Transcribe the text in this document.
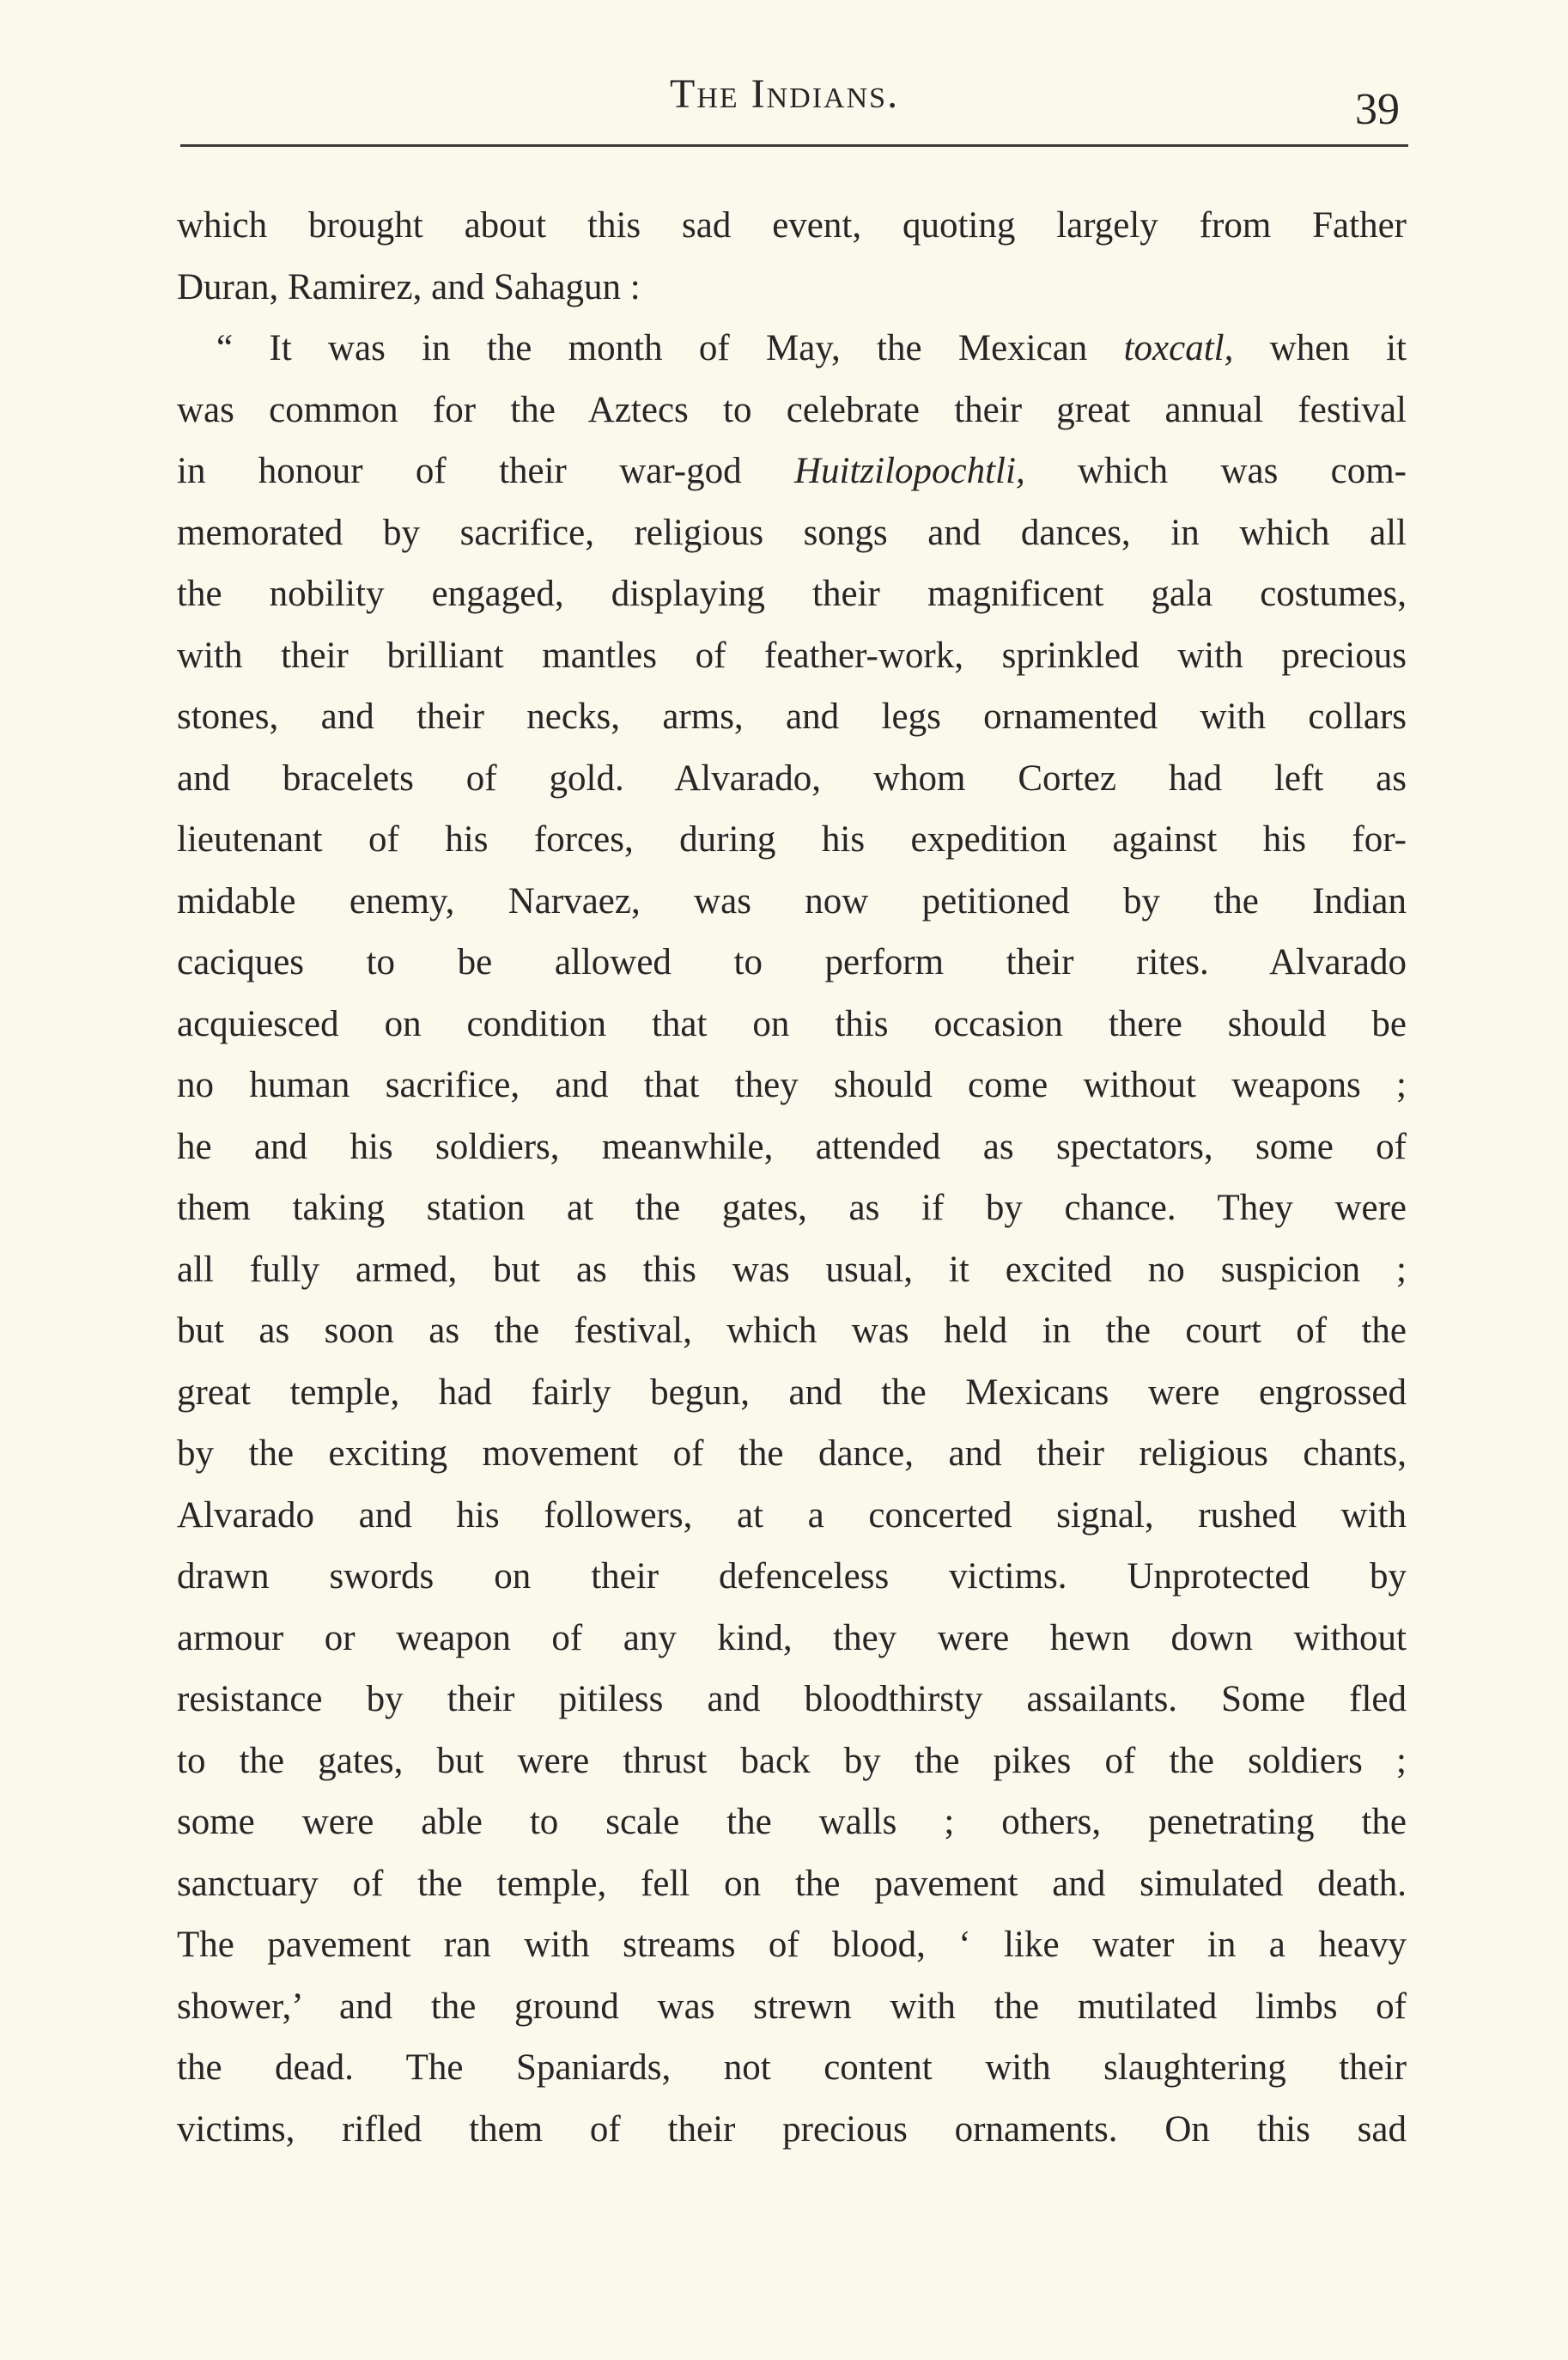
The Indians.	39
which brought about this sad event, quoting largely from Father
Duran, Ramirez, and Sahagun :
“ It was in the month of May, the Mexican toxcatl, when it
was common for the Aztecs to celebrate their great annual festival
in honour of their war-god Huitzilopochtli, which was com-
memorated by sacrifice, religious songs and dances, in which all
the nobility engaged, displaying their magnificent gala costumes,
with their brilliant mantles of feather-work, sprinkled with precious
stones, and their necks, arms, and legs ornamented with collars
and bracelets of gold. Alvarado, whom Cortez had left as
lieutenant of his forces, during his expedition against his for-
midable enemy, Narvaez, was now petitioned by the Indian
caciques to be allowed to perform their rites. Alvarado
acquiesced on condition that on this occasion there should be
no human sacrifice, and that they should come without weapons ;
he and his soldiers, meanwhile, attended as spectators, some of
them taking station at the gates, as if by chance. They were
all fully armed, but as this was usual, it excited no suspicion ;
but as soon as the festival, which was held in the court of the
great temple, had fairly begun, and the Mexicans were engrossed
by the exciting movement of the dance, and their religious chants,
Alvarado and his followers, at a concerted signal, rushed with
drawn swords on their defenceless victims. Unprotected by
armour or weapon of any kind, they were hewn down without
resistance by their pitiless and bloodthirsty assailants. Some fled
to the gates, but were thrust back by the pikes of the soldiers ;
some were able to scale the walls ; others, penetrating the
sanctuary of the temple, fell on the pavement and simulated death.
The pavement ran with streams of blood, ‘ like water in a heavy
shower,’ and the ground was strewn with the mutilated limbs of
the dead. The Spaniards, not content with slaughtering their
victims, rifled them of their precious ornaments. On this sad
